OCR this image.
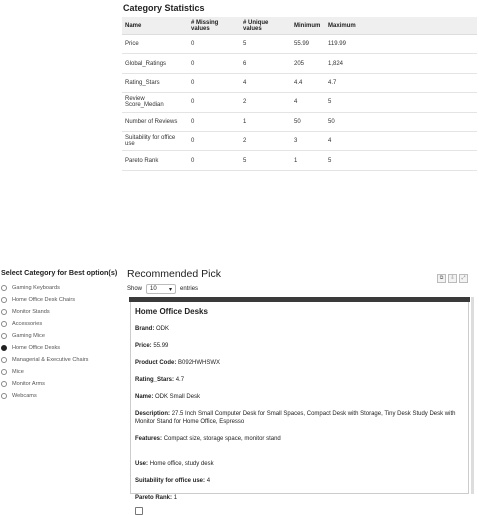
Category Statistics
Name	# Missing values	# Unique values	Minimum	Maximum
Price	0	5	55.99	119.99
Global_Ratings	0	6	205	1,824
Rating_Stars	0	4	4.4	4.7
Review Score_Median	0	2	4	5
Number of Reviews	0	1	50	50
Suitability for office use	0	2	3	4
Pareto Rank	0	5	1	5
Select Category for Best option(s)
Gaming Keyboards
Home Office Desk Chairs
Monitor Stands
Accessories
Gaming Mice
Home Office Desks
Managerial & Executive Chairs
Mice
Monitor Arms
Webcams
Recommended Pick
Show 10 ▾ entries
⧉	⇩	⤢
Home Office Desks
Brand: ODK
Price: 55.99
Product Code: B092HWHSWX
Rating_Stars: 4.7
Name: ODK Small Desk
Description: 27.5 Inch Small Computer Desk for Small Spaces, Compact Desk with Storage, Tiny Desk Study Desk with Monitor Stand for Home Office, Espresso
Features: Compact size, storage space, monitor stand
Use: Home office, study desk
Suitability for office use: 4
Pareto Rank: 1
